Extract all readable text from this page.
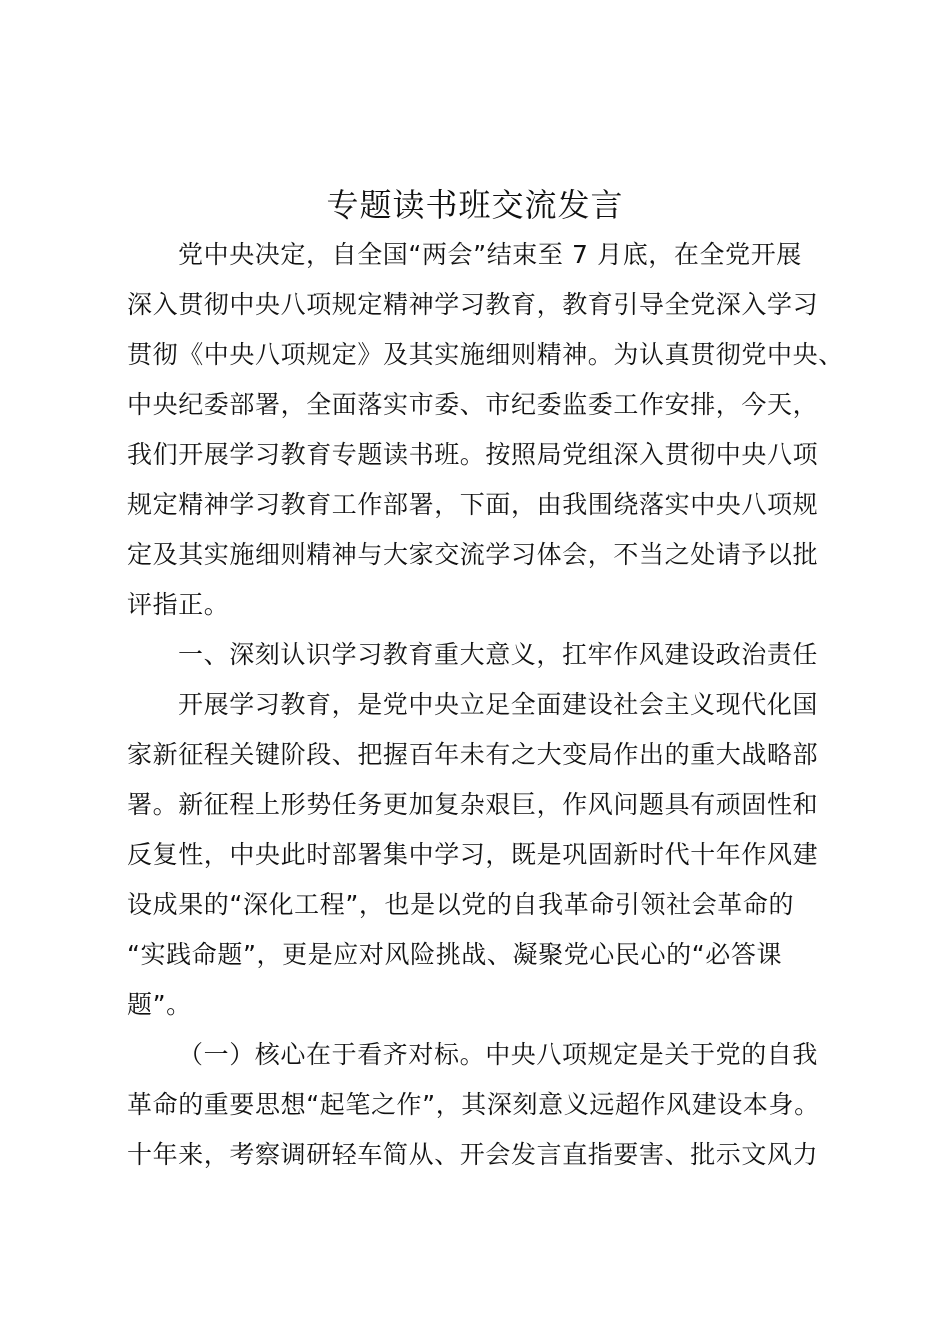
专题读书班交流发言
党中央决定，自全国“两会”结束至 7 月底，在全党开展
深入贯彻中央八项规定精神学习教育，教育引导全党深入学习
贯彻《中央八项规定》及其实施细则精神。为认真贯彻党中央、
中央纪委部署，全面落实市委、市纪委监委工作安排，今天，
我们开展学习教育专题读书班。按照局党组深入贯彻中央八项
规定精神学习教育工作部署，下面，由我围绕落实中央八项规
定及其实施细则精神与大家交流学习体会，不当之处请予以批
评指正。
一、深刻认识学习教育重大意义，扛牢作风建设政治责任
开展学习教育，是党中央立足全面建设社会主义现代化国
家新征程关键阶段、把握百年未有之大变局作出的重大战略部
署。新征程上形势任务更加复杂艰巨，作风问题具有顽固性和
反复性，中央此时部署集中学习，既是巩固新时代十年作风建
设成果的“深化工程”，也是以党的自我革命引领社会革命的
“实践命题”，更是应对风险挑战、凝聚党心民心的“必答课
题”。
（一）核心在于看齐对标。中央八项规定是关于党的自我
革命的重要思想“起笔之作”，其深刻意义远超作风建设本身。
十年来，考察调研轻车简从、开会发言直指要害、批示文风力
